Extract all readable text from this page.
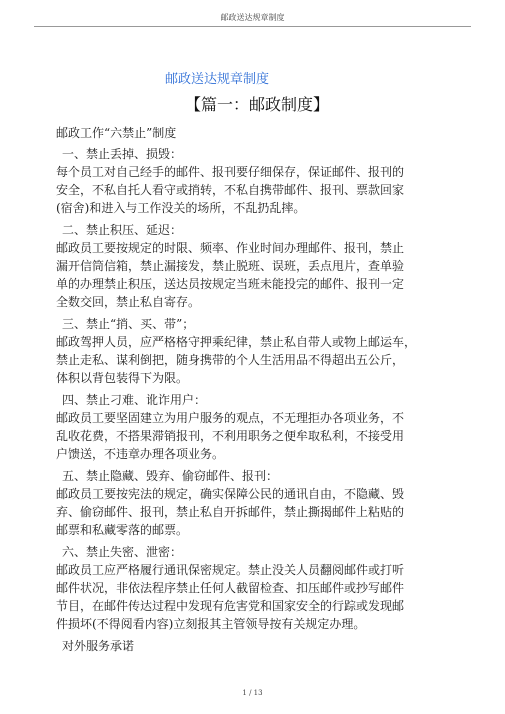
邮政送达规章制度
邮政送达规章制度
【篇一：邮政制度】

邮政工作“六禁止”制度

一、禁止丢掉、损毁：

每个员工对自己经手的邮件、报刊要仔细保存，保证邮件、报刊的

安全，不私自托人看守或捎转，不私自携带邮件、报刊、票款回家

(宿舍)和进入与工作没关的场所，不乱扔乱摔。

二、禁止积压、延迟：

邮政员工要按规定的时限、频率、作业时间办理邮件、报刊，禁止

漏开信筒信箱，禁止漏接发，禁止脱班、误班，丢点甩片，查单验

单的办理禁止积压，送达员按规定当班未能投完的邮件、报刊一定

全数交回，禁止私自寄存。

三、禁止“捎、买、带”；

邮政驾押人员，应严格格守押乘纪律，禁止私自带人或物上邮运车，

禁止走私、谋利倒把，随身携带的个人生活用品不得超出五公斤，

体积以背包装得下为限。

四、禁止刁难、讹诈用户：

邮政员工要坚固建立为用户服务的观点，不无理拒办各项业务，不

乱收花费，不搭果滞销报刊，不利用职务之便牟取私利，不接受用

户馈送，不违章办理各项业务。

五、禁止隐藏、毁弃、偷窃邮件、报刊：

邮政员工要按宪法的规定，确实保障公民的通讯自由，不隐藏、毁

弃、偷窃邮件、报刊，禁止私自开拆邮件，禁止撕揭邮件上粘贴的

邮票和私藏零落的邮票。

六、禁止失密、泄密：

邮政员工应严格履行通讯保密规定。禁止没关人员翻阅邮件或打听

邮件状况，非依法程序禁止任何人截留检查、扣压邮件或抄写邮件

节目，在邮件传达过程中发现有危害党和国家安全的行踪或发现邮

件损坏(不得阅看内容)立刻报其主管领导按有关规定办理。

对外服务承诺

1 / 13
